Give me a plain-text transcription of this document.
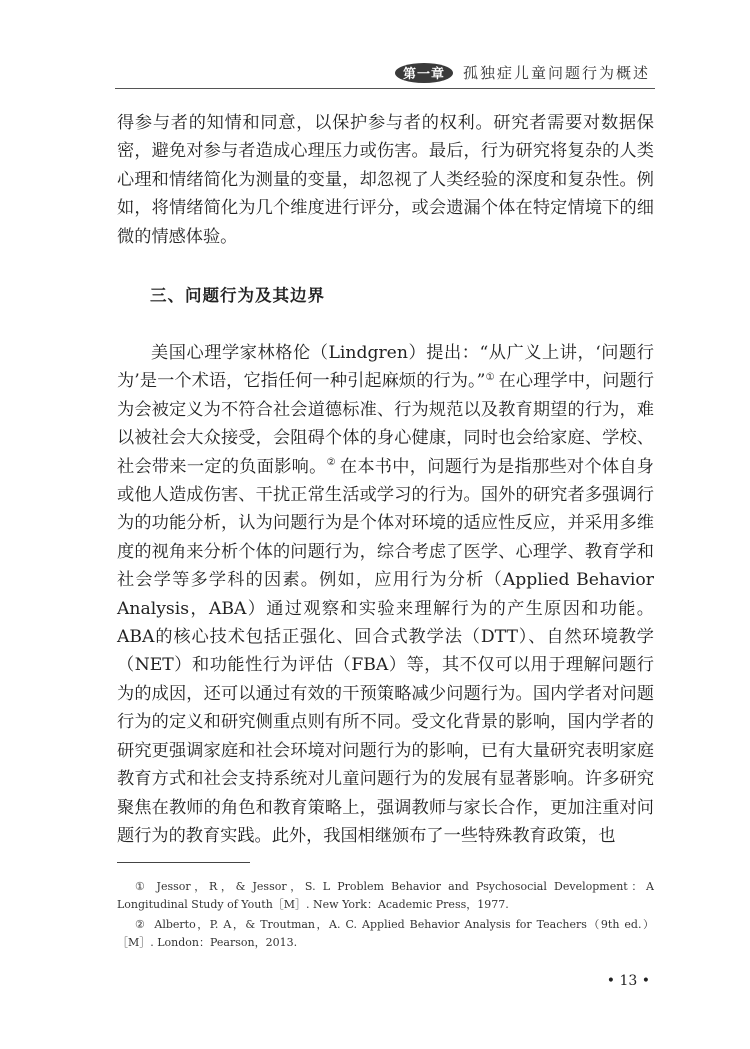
第一章 孤独症儿童问题行为概述

得参与者的知情和同意，以保护参与者的权利。研究者需要对数据保密，避免对参与者造成心理压力或伤害。最后，行为研究将复杂的人类心理和情绪简化为测量的变量，却忽视了人类经验的深度和复杂性。例如，将情绪简化为几个维度进行评分，或会遗漏个体在特定情境下的细微的情感体验。

三、问题行为及其边界

美国心理学家林格伦（Lindgren）提出：“从广义上讲，‘问题行为’是一个术语，它指任何一种引起麻烦的行为。”① 在心理学中，问题行为会被定义为不符合社会道德标准、行为规范以及教育期望的行为，难以被社会大众接受，会阻碍个体的身心健康，同时也会给家庭、学校、社会带来一定的负面影响。② 在本书中，问题行为是指那些对个体自身或他人造成伤害、干扰正常生活或学习的行为。国外的研究者多强调行为的功能分析，认为问题行为是个体对环境的适应性反应，并采用多维度的视角来分析个体的问题行为，综合考虑了医学、心理学、教育学和社会学等多学科的因素。例如，应用行为分析（Applied Behavior Analysis，ABA）通过观察和实验来理解行为的产生原因和功能。ABA的核心技术包括正强化、回合式教学法（DTT）、自然环境教学（NET）和功能性行为评估（FBA）等，其不仅可以用于理解问题行为的成因，还可以通过有效的干预策略减少问题行为。国内学者对问题行为的定义和研究侧重点则有所不同。受文化背景的影响，国内学者的研究更强调家庭和社会环境对问题行为的影响，已有大量研究表明家庭教育方式和社会支持系统对儿童问题行为的发展有显著影响。许多研究聚焦在教师的角色和教育策略上，强调教师与家长合作，更加注重对问题行为的教育实践。此外，我国相继颁布了一些特殊教育政策，也

① Jessor，R，& Jessor，S. L Problem Behavior and Psychosocial Development：A Longitudinal Study of Youth［M］. New York：Academic Press，1977.

② Alberto，P. A，& Troutman，A. C. Applied Behavior Analysis for Teachers（9th ed.）［M］. London：Pearson，2013.

• 13 •
